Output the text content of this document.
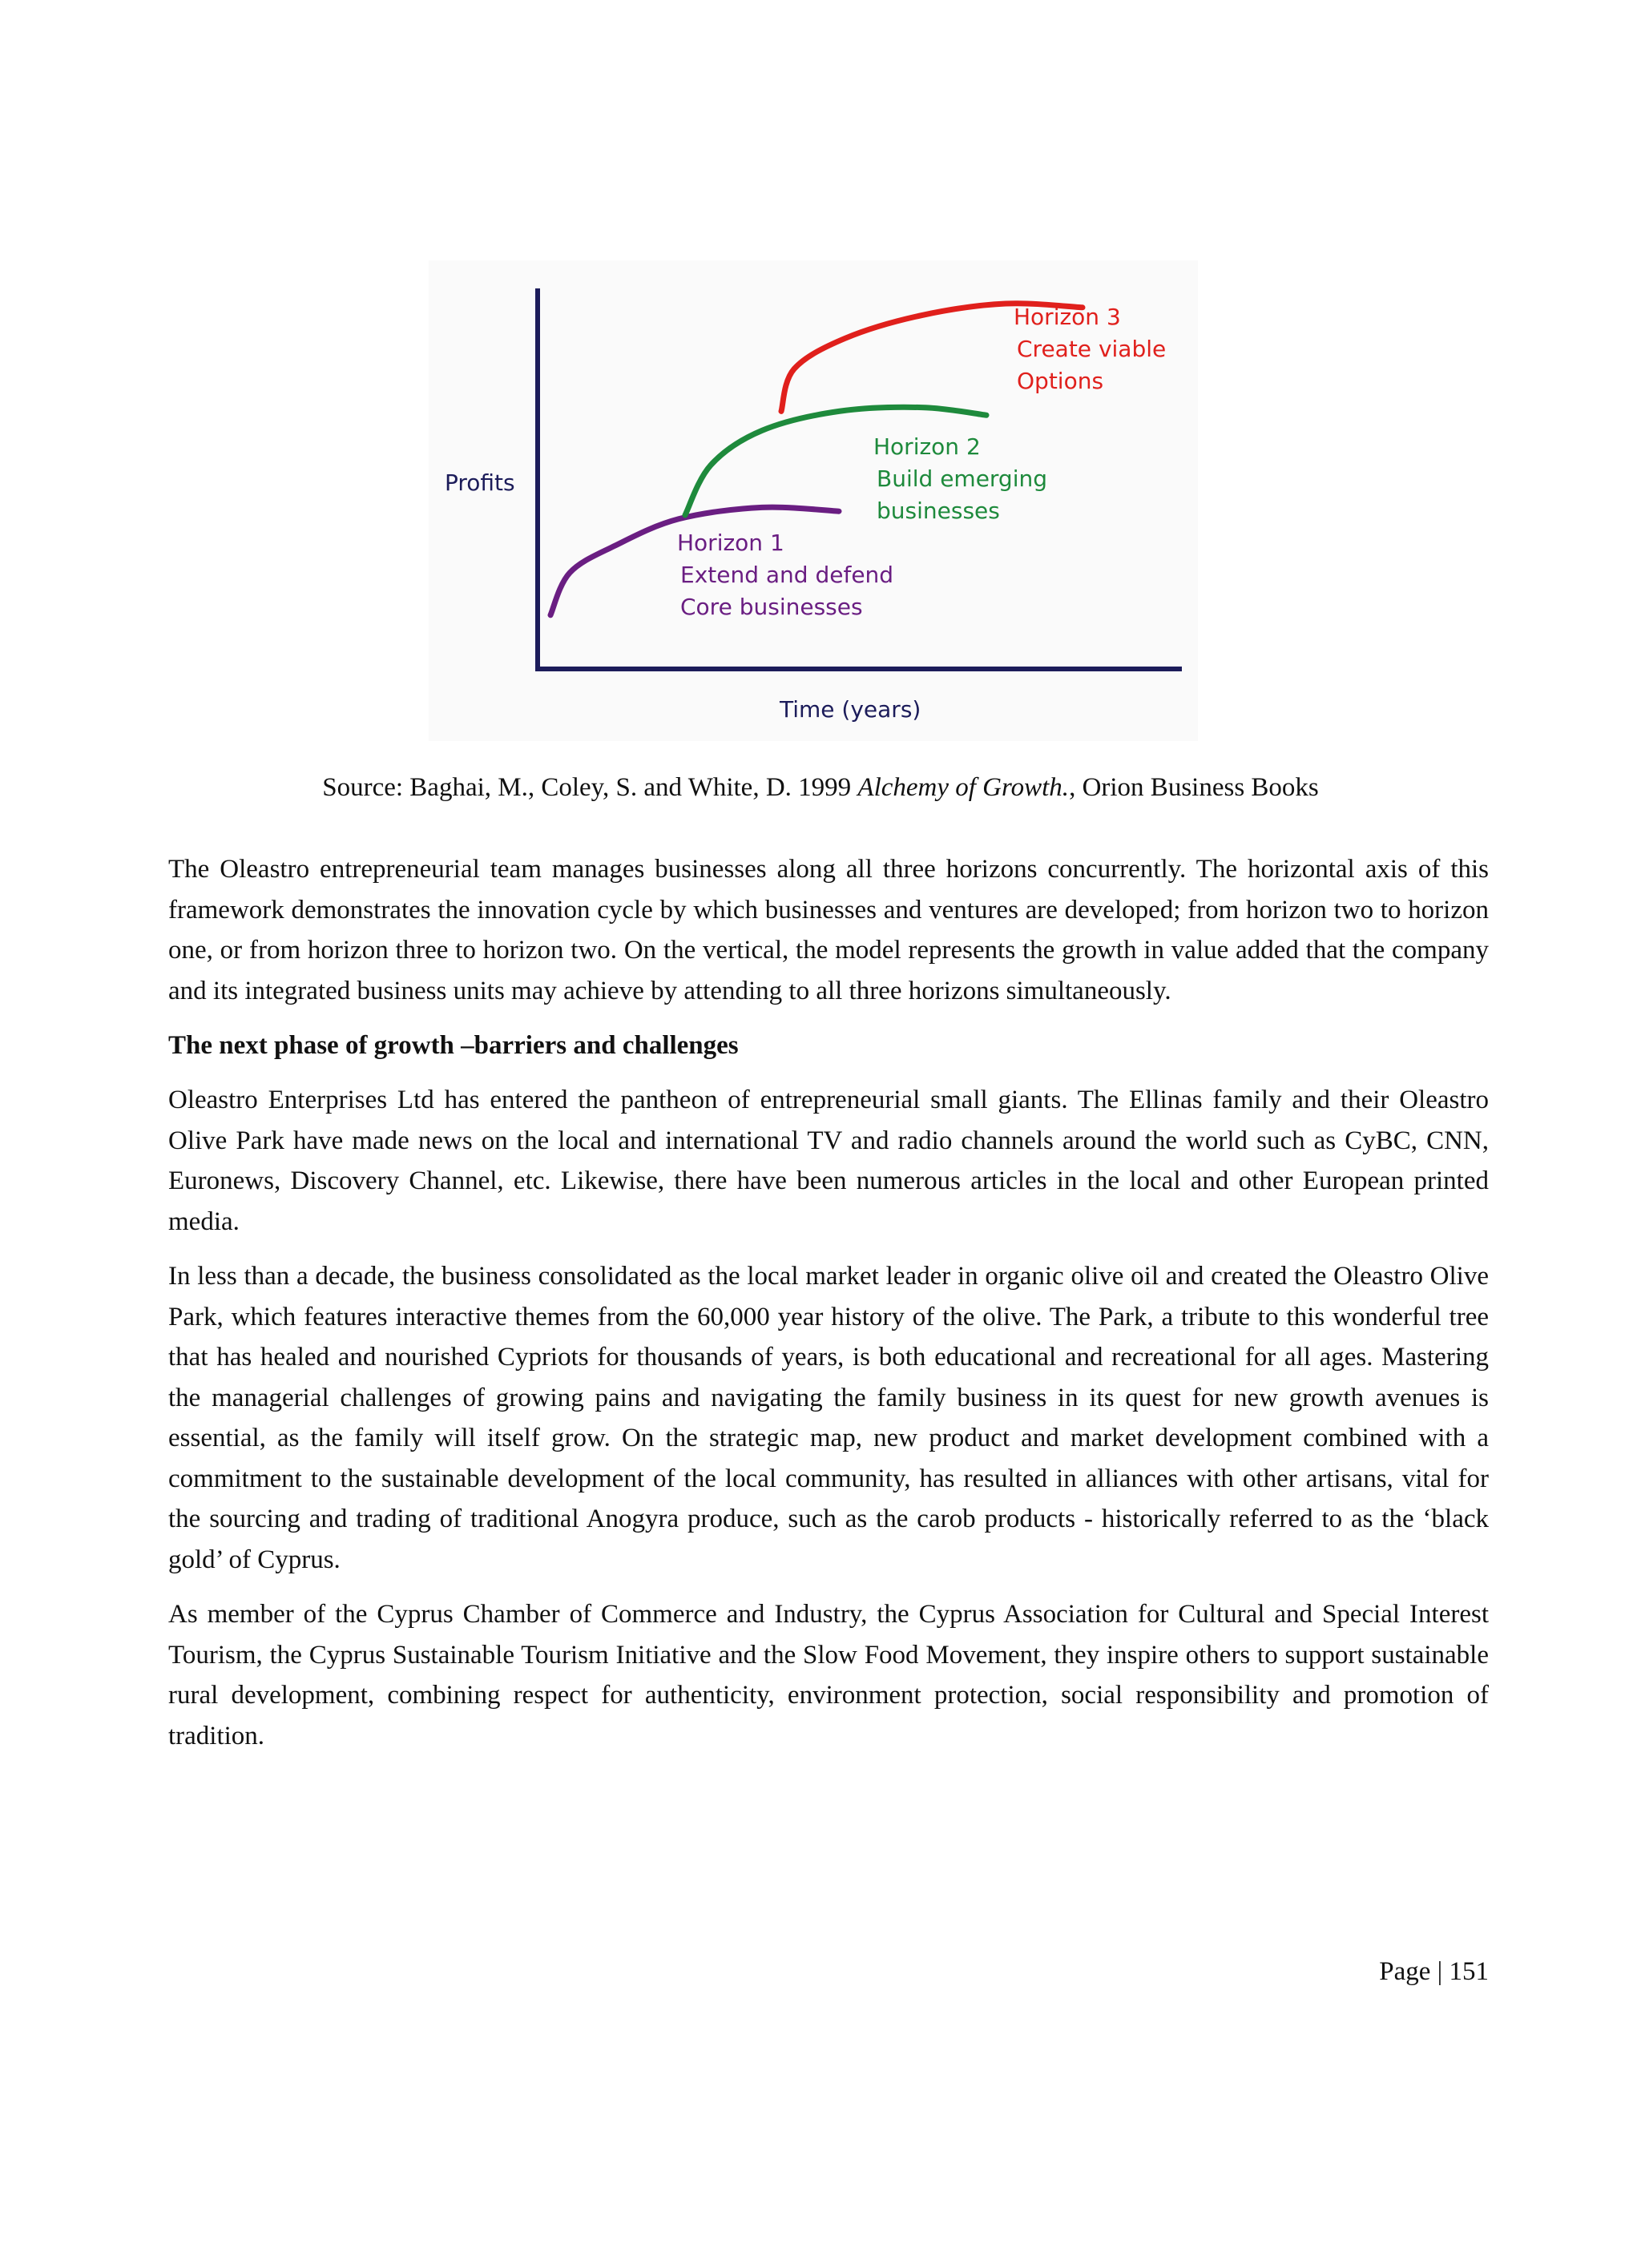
Profits
Time (years)
Horizon 1
Extend and defend
Core businesses
Horizon 2
Build emerging
businesses
Horizon 3
Create viable
Options
Source: Baghai, M., Coley, S. and White, D. 1999 Alchemy of Growth., Orion Business Books

The Oleastro entrepreneurial team manages businesses along all three horizons concurrently. The horizontal axis of this framework demonstrates the innovation cycle by which businesses and ventures are developed; from horizon two to horizon one, or from horizon three to horizon two. On the vertical, the model represents the growth in value added that the company and its integrated business units may achieve by attending to all three horizons simultaneously.

The next phase of growth –barriers and challenges

Oleastro Enterprises Ltd has entered the pantheon of entrepreneurial small giants. The Ellinas family and their Oleastro Olive Park have made news on the local and international TV and radio channels around the world such as CyBC, CNN, Euronews, Discovery Channel, etc. Likewise, there have been numerous articles in the local and other European printed media.

In less than a decade, the business consolidated as the local market leader in organic olive oil and created the Oleastro Olive Park, which features interactive themes from the 60,000 year history of the olive. The Park, a tribute to this wonderful tree that has healed and nourished Cypriots for thousands of years, is both educational and recreational for all ages. Mastering the managerial challenges of growing pains and navigating the family business in its quest for new growth avenues is essential, as the family will itself grow. On the strategic map, new product and market development combined with a commitment to the sustainable development of the local community, has resulted in alliances with other artisans, vital for the sourcing and trading of traditional Anogyra produce, such as the carob products - historically referred to as the ‘black gold’ of Cyprus.

As member of the Cyprus Chamber of Commerce and Industry, the Cyprus Association for Cultural and Special Interest Tourism, the Cyprus Sustainable Tourism Initiative and the Slow Food Movement, they inspire others to support sustainable rural development, combining respect for authenticity, environment protection, social responsibility and promotion of tradition.

Page | 151
